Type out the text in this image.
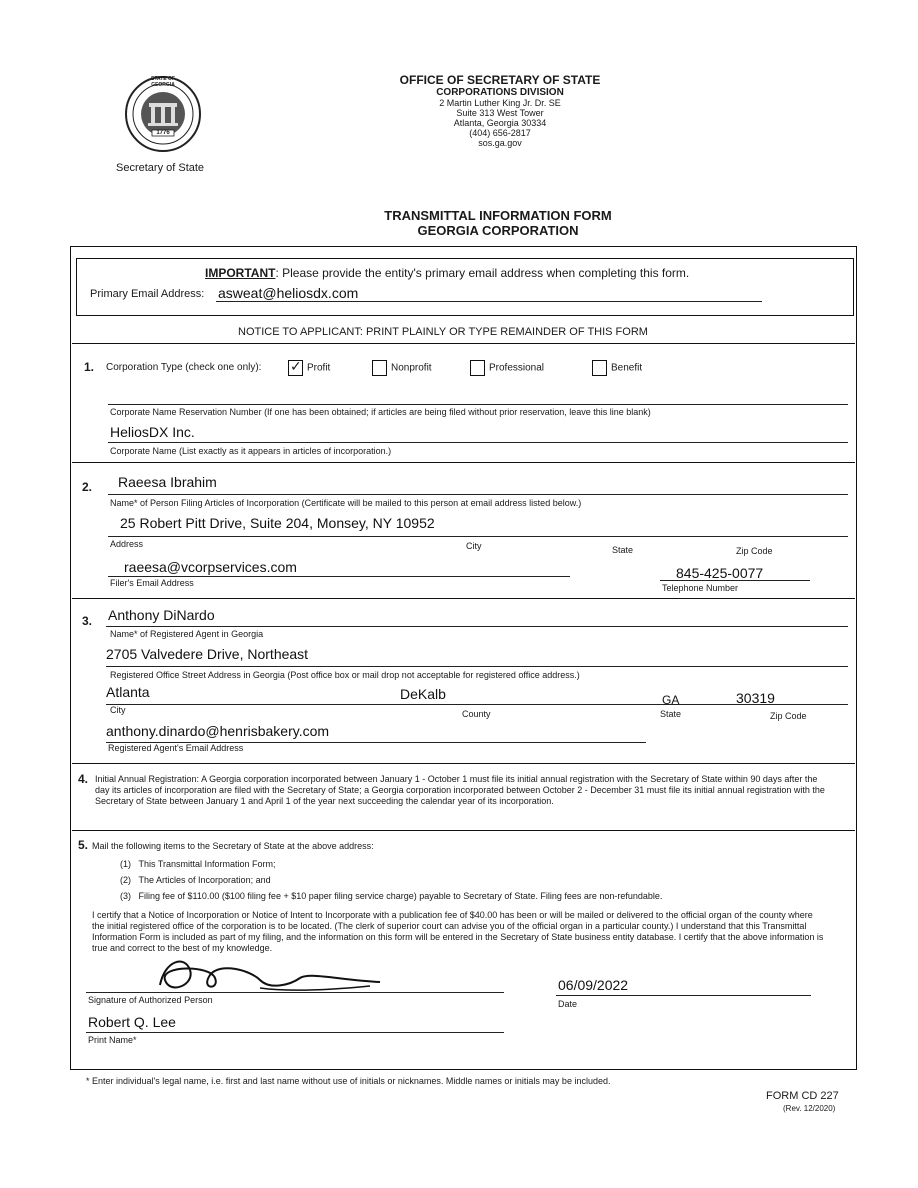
STATE OF GEORGIA
1776
Secretary of State
OFFICE OF SECRETARY OF STATE
CORPORATIONS DIVISION
2 Martin Luther King Jr. Dr. SE
Suite 313 West Tower
Atlanta, Georgia 30334
(404) 656-2817
sos.ga.gov
TRANSMITTAL INFORMATION FORM
GEORGIA CORPORATION
IMPORTANT: Please provide the entity's primary email address when completing this form.
Primary Email Address: asweat@heliosdx.com
NOTICE TO APPLICANT: PRINT PLAINLY OR TYPE REMAINDER OF THIS FORM
1. Corporation Type (check one only): ✓ Profit	Nonprofit	Professional	Benefit
Corporate Name Reservation Number (If one has been obtained; if articles are being filed without prior reservation, leave this line blank)
HeliosDX Inc.
Corporate Name (List exactly as it appears in articles of incorporation.)
2. Raeesa Ibrahim
Name* of Person Filing Articles of Incorporation (Certificate will be mailed to this person at email address listed below.)
25 Robert Pitt Drive, Suite 204, Monsey, NY 10952
Address	City	State	Zip Code
raeesa@vcorpservices.com
Filer's Email Address
845-425-0077
Telephone Number
3. Anthony DiNardo
Name* of Registered Agent in Georgia
2705 Valvedere Drive, Northeast
Registered Office Street Address in Georgia (Post office box or mail drop not acceptable for registered office address.)
Atlanta	DeKalb	GA	30319
City	County	State	Zip Code
anthony.dinardo@henrisbakery.com
Registered Agent's Email Address
4. Initial Annual Registration: A Georgia corporation incorporated between January 1 - October 1 must file its initial annual registration with the Secretary of State within 90 days after the day its articles of incorporation are filed with the Secretary of State; a Georgia corporation incorporated between October 2 - December 31 must file its initial annual registration with the Secretary of State between January 1 and April 1 of the year next succeeding the calendar year of its incorporation.
5. Mail the following items to the Secretary of State at the above address:
(1) This Transmittal Information Form;
(2) The Articles of Incorporation; and
(3) Filing fee of $110.00 ($100 filing fee + $10 paper filing service charge) payable to Secretary of State. Filing fees are non-refundable.
I certify that a Notice of Incorporation or Notice of Intent to Incorporate with a publication fee of $40.00 has been or will be mailed or delivered to the official organ of the county where the initial registered office of the corporation is to be located. (The clerk of superior court can advise you of the official organ in a particular county.) I understand that this Transmittal Information Form is included as part of my filing, and the information on this form will be entered in the Secretary of State business entity database. I certify that the above information is true and correct to the best of my knowledge.
Signature of Authorized Person
06/09/2022
Date
Robert Q. Lee
Print Name*
* Enter individual's legal name, i.e. first and last name without use of initials or nicknames. Middle names or initials may be included.
FORM CD 227
(Rev. 12/2020)
